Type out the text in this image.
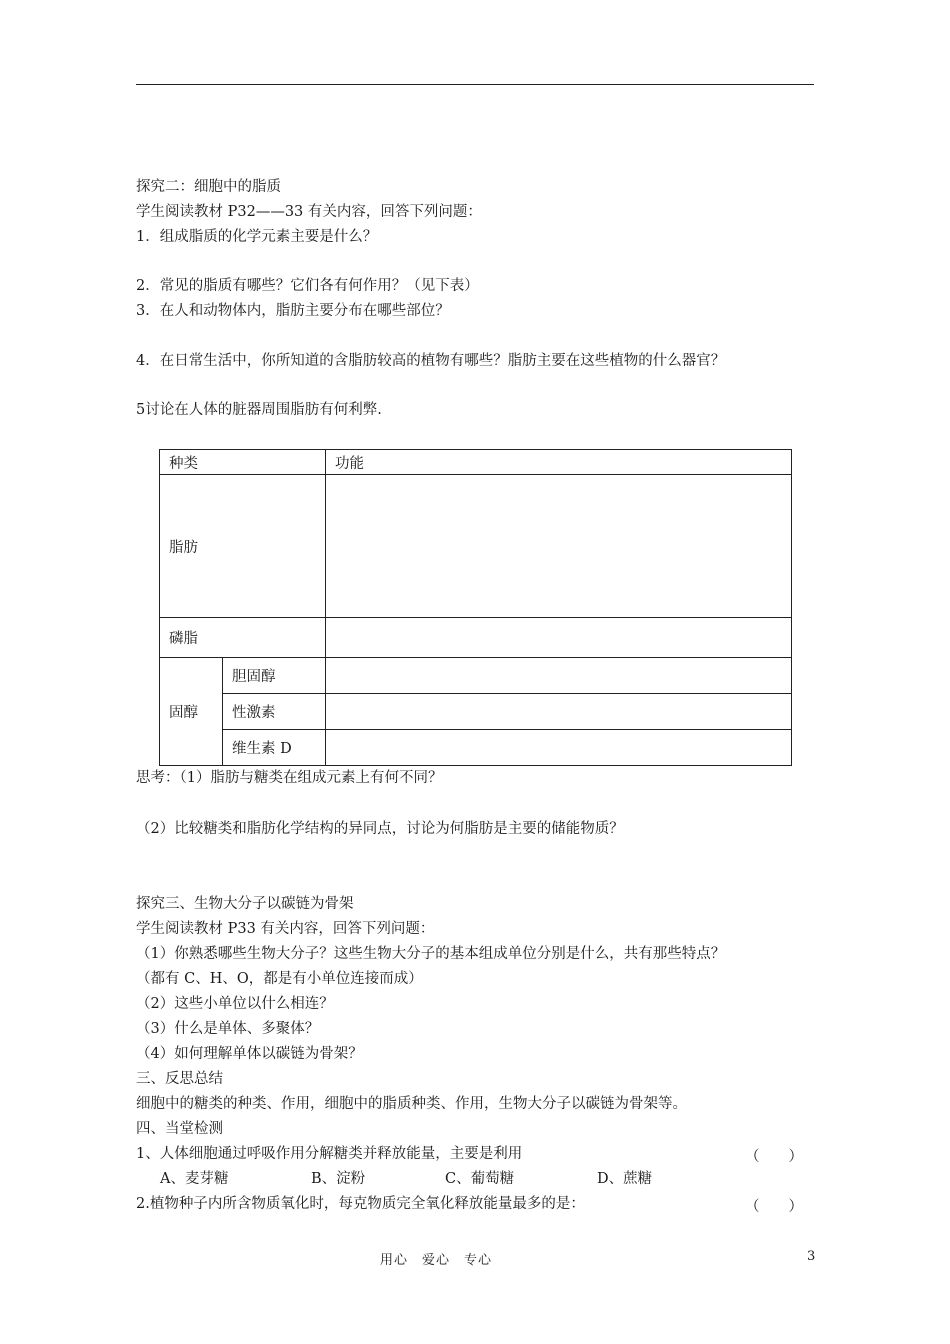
探究二：细胞中的脂质
学生阅读教材 P32——33 有关内容，回答下列问题：
1．组成脂质的化学元素主要是什么？
2．常见的脂质有哪些？它们各有何作用？（见下表）
3．在人和动物体内，脂肪主要分布在哪些部位？
4．在日常生活中，你所知道的含脂肪较高的植物有哪些？脂肪主要在这些植物的什么器官？
5讨论在人体的脏器周围脂肪有何利弊.
种类		功能
脂肪		
磷脂		
固醇	胆固醇	
	性激素	
	维生素 D	
思考：（1）脂肪与糖类在组成元素上有何不同？
（2）比较糖类和脂肪化学结构的异同点，讨论为何脂肪是主要的储能物质？
探究三、生物大分子以碳链为骨架
学生阅读教材 P33 有关内容，回答下列问题：
（1）你熟悉哪些生物大分子？这些生物大分子的基本组成单位分别是什么，共有那些特点？
（都有 C、H、O，都是有小单位连接而成）
（2）这些小单位以什么相连？
（3）什么是单体、多聚体？
（4）如何理解单体以碳链为骨架？
三、反思总结
细胞中的糖类的种类、作用，细胞中的脂质种类、作用，生物大分子以碳链为骨架等。
四、当堂检测
1、人体细胞通过呼吸作用分解糖类并释放能量，主要是利用	（　　）
A、麦芽糖	B、淀粉	C、葡萄糖	D、蔗糖
2.植物种子内所含物质氧化时，每克物质完全氧化释放能量最多的是：	（　　）
用心　爱心　专心	3
